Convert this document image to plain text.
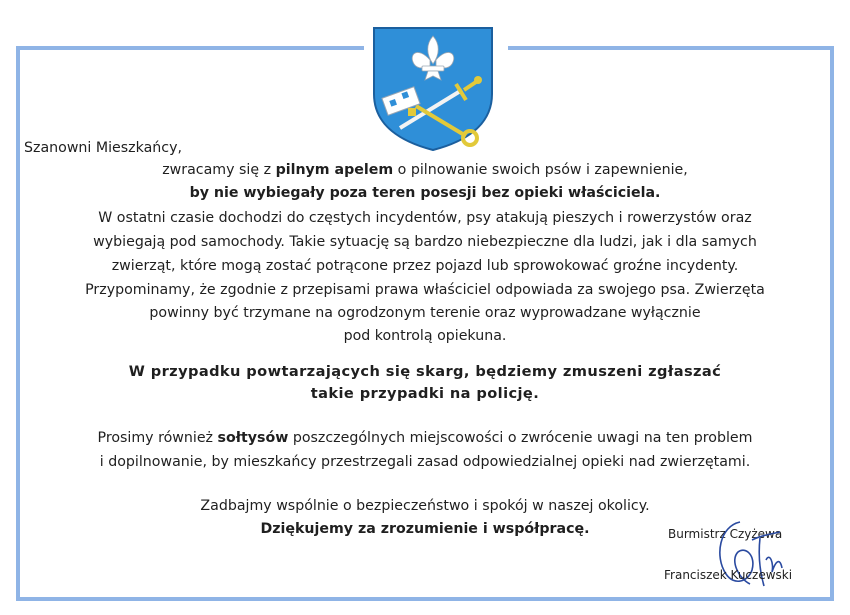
Szanowni Mieszkańcy,
zwracamy się z pilnym apelem o pilnowanie swoich psów i zapewnienie,
by nie wybiegały poza teren posesji bez opieki właściciela.
W ostatni czasie dochodzi do częstych incydentów, psy atakują pieszych i rowerzystów oraz
wybiegają pod samochody. Takie sytuację są bardzo niebezpieczne dla ludzi, jak i dla samych
zwierząt, które mogą zostać potrącone przez pojazd lub sprowokować groźne incydenty.
Przypominamy, że zgodnie z przepisami prawa właściciel odpowiada za swojego psa. Zwierzęta
powinny być trzymane na ogrodzonym terenie oraz wyprowadzane wyłącznie
pod kontrolą opiekuna.
W przypadku powtarzających się skarg, będziemy zmuszeni zgłaszać
takie przypadki na policję.
Prosimy również sołtysów poszczególnych miejscowości o zwrócenie uwagi na ten problem
i dopilnowanie, by mieszkańcy przestrzegali zasad odpowiedzialnej opieki nad zwierzętami.
Zadbajmy wspólnie o bezpieczeństwo i spokój w naszej okolicy.
Dziękujemy za zrozumienie i współpracę.	Burmistrz Czyżewa
Franciszek Kuczewski
